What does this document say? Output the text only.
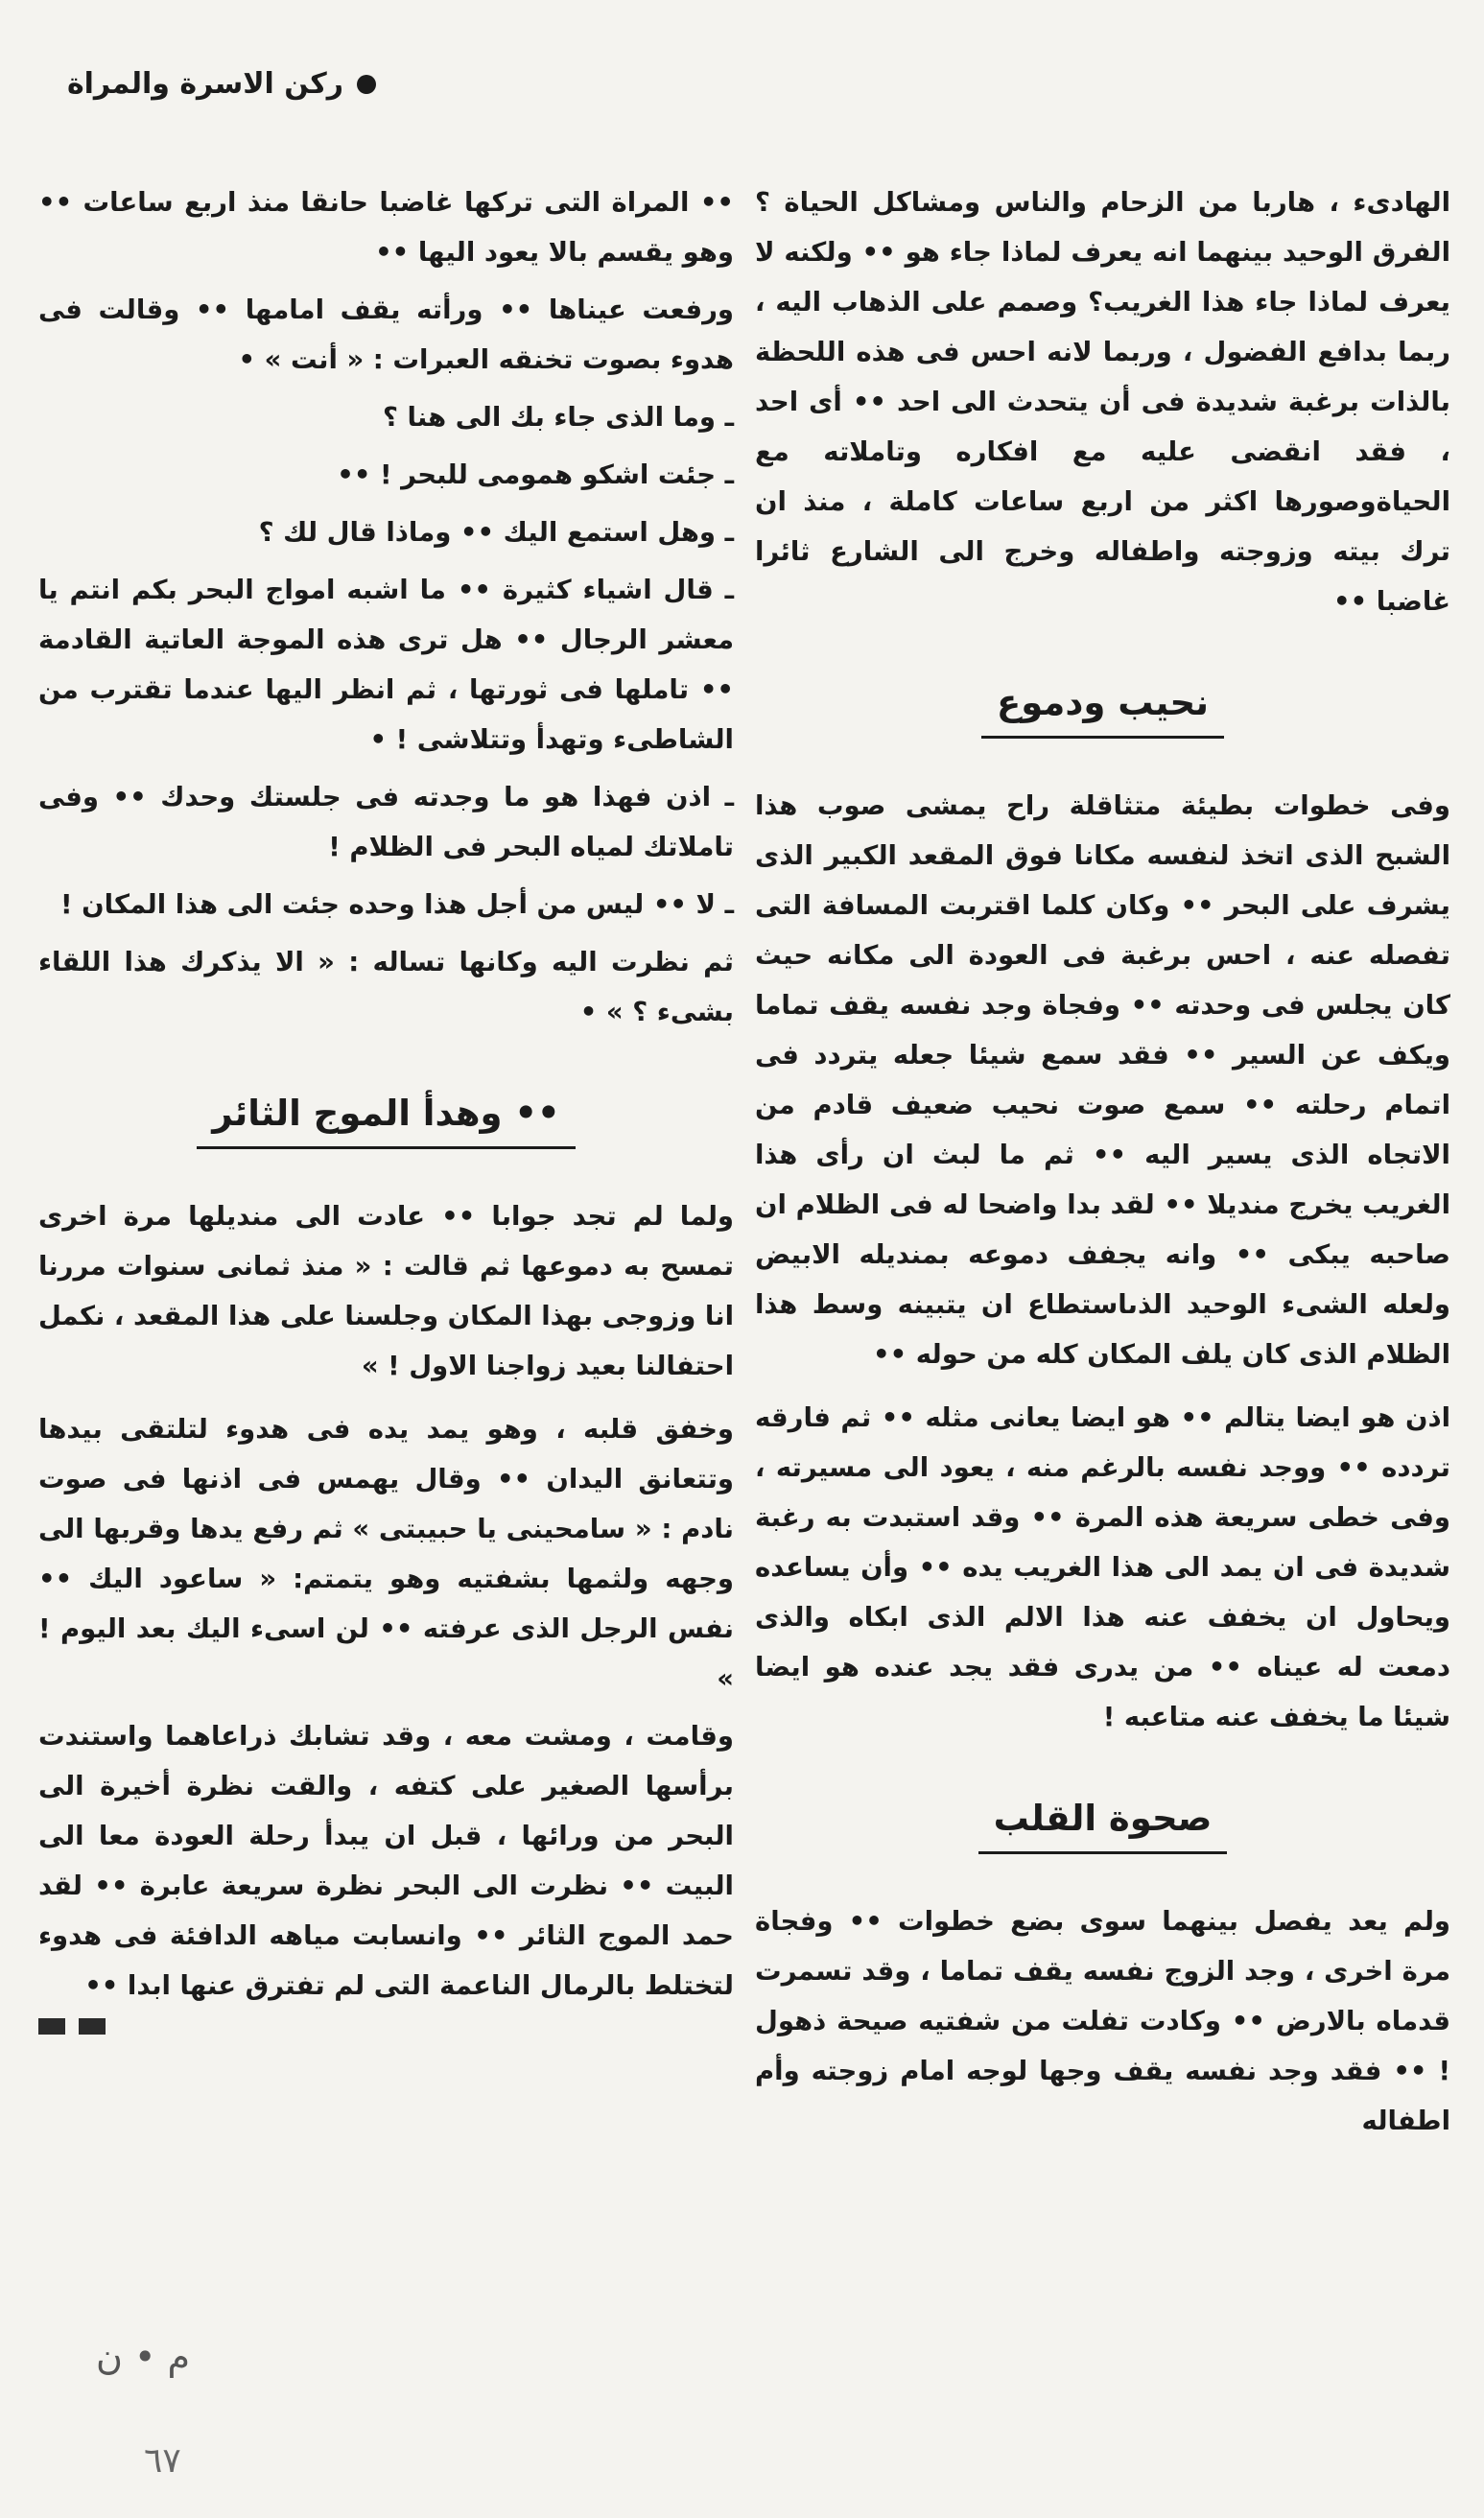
ركن الاسرة والمراة

الهادىء ، هاربا من الزحام والناس ومشاكل الحياة ؟ الفرق الوحيد بينهما انه يعرف لماذا جاء هو •• ولكنه لا يعرف لماذا جاء هذا الغريب؟ وصمم على الذهاب اليه ، ربما بدافع الفضول ، وربما لانه احس فى هذه اللحظة بالذات برغبة شديدة فى أن يتحدث الى احد •• أى احد ، فقد انقضى عليه مع افكاره وتاملاته مع الحياةوصورها اكثر من اربع ساعات كاملة ، منذ ان ترك بيته وزوجته واطفاله وخرج الى الشارع ثائرا غاضبا ••

نحيب ودموع

وفى خطوات بطيئة متثاقلة راح يمشى صوب هذا الشبح الذى اتخذ لنفسه مكانا فوق المقعد الكبير الذى يشرف على البحر •• وكان كلما اقتربت المسافة التى تفصله عنه ، احس برغبة فى العودة الى مكانه حيث كان يجلس فى وحدته •• وفجاة وجد نفسه يقف تماما ويكف عن السير •• فقد سمع شيئا جعله يتردد فى اتمام رحلته •• سمع صوت نحيب ضعيف قادم من الاتجاه الذى يسير اليه •• ثم ما لبث ان رأى هذا الغريب يخرج منديلا •• لقد بدا واضحا له فى الظلام ان صاحبه يبكى •• وانه يجفف دموعه بمنديله الابيض ولعله الشىء الوحيد الذىاستطاع ان يتبينه وسط هذا الظلام الذى كان يلف المكان كله من حوله ••

اذن هو ايضا يتالم •• هو ايضا يعانى مثله •• ثم فارقه تردده •• ووجد نفسه بالرغم منه ، يعود الى مسيرته ، وفى خطى سريعة هذه المرة •• وقد استبدت به رغبة شديدة فى ان يمد الى هذا الغريب يده •• وأن يساعده ويحاول ان يخفف عنه هذا الالم الذى ابكاه والذى دمعت له عيناه •• من يدرى فقد يجد عنده هو ايضا شيئا ما يخفف عنه متاعبه !

صحوة القلب

ولم يعد يفصل بينهما سوى بضع خطوات •• وفجاة مرة اخرى ، وجد الزوج نفسه يقف تماما ، وقد تسمرت قدماه بالارض •• وكادت تفلت من شفتيه صيحة ذهول ! •• فقد وجد نفسه يقف وجها لوجه امام زوجته وأم اطفاله

•• المراة التى تركها غاضبا حانقا منذ اربع ساعات •• وهو يقسم بالا يعود اليها ••

ورفعت عيناها •• ورأته يقف امامها •• وقالت فى هدوء بصوت تخنقه العبرات : « أنت » •

ـ وما الذى جاء بك الى هنا ؟

ـ جئت اشكو همومى للبحر ! ••

ـ وهل استمع اليك •• وماذا قال لك ؟

ـ قال اشياء كثيرة •• ما اشبه امواج البحر بكم انتم يا معشر الرجال •• هل ترى هذه الموجة العاتية القادمة •• تاملها فى ثورتها ، ثم انظر اليها عندما تقترب من الشاطىء وتهدأ وتتلاشى ! •

ـ اذن فهذا هو ما وجدته فى جلستك وحدك •• وفى تاملاتك لمياه البحر فى الظلام !

ـ لا •• ليس من أجل هذا وحده جئت الى هذا المكان !

ثم نظرت اليه وكانها تساله : « الا يذكرك هذا اللقاء بشىء ؟ » •

•• وهدأ الموج الثائر

ولما لم تجد جوابا •• عادت الى منديلها مرة اخرى تمسح به دموعها ثم قالت : « منذ ثمانى سنوات مررنا انا وزوجى بهذا المكان وجلسنا على هذا المقعد ، نكمل احتفالنا بعيد زواجنا الاول ! »

وخفق قلبه ، وهو يمد يده فى هدوء لتلتقى بيدها وتتعانق اليدان •• وقال يهمس فى اذنها فى صوت نادم : « سامحينى يا حبيبتى » ثم رفع يدها وقربها الى وجهه ولثمها بشفتيه وهو يتمتم: « ساعود اليك •• نفس الرجل الذى عرفته •• لن اسىء اليك بعد اليوم ! »

وقامت ، ومشت معه ، وقد تشابك ذراعاهما واستندت برأسها الصغير على كتفه ، والقت نظرة أخيرة الى البحر من ورائها ، قبل ان يبدأ رحلة العودة معا الى البيت •• نظرت الى البحر نظرة سريعة عابرة •• لقد حمد الموج الثائر •• وانسابت مياهه الدافئة فى هدوء لتختلط بالرمال الناعمة التى لم تفترق عنها ابدا ••

م • ن
٦٧
